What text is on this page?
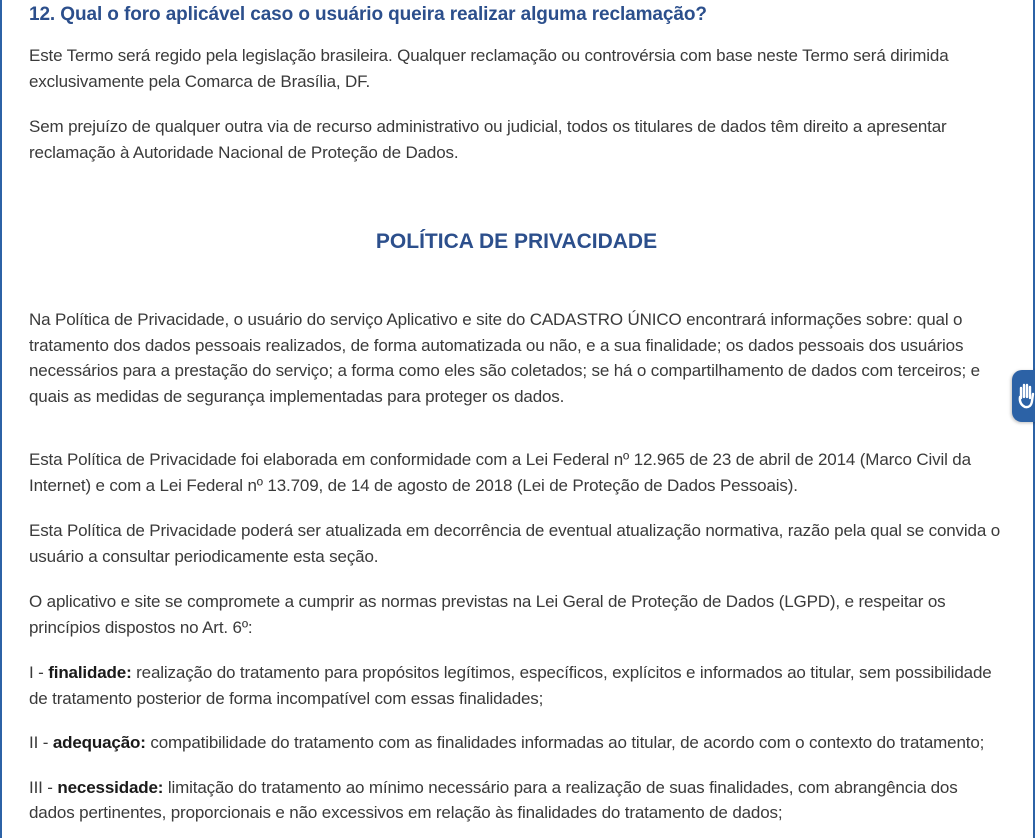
12. Qual o foro aplicável caso o usuário queira realizar alguma reclamação?

Este Termo será regido pela legislação brasileira. Qualquer reclamação ou controvérsia com base neste Termo será dirimida exclusivamente pela Comarca de Brasília, DF.

Sem prejuízo de qualquer outra via de recurso administrativo ou judicial, todos os titulares de dados têm direito a apresentar reclamação à Autoridade Nacional de Proteção de Dados.

POLÍTICA DE PRIVACIDADE

Na Política de Privacidade, o usuário do serviço Aplicativo e site do CADASTRO ÚNICO encontrará informações sobre: qual o tratamento dos dados pessoais realizados, de forma automatizada ou não, e a sua finalidade; os dados pessoais dos usuários necessários para a prestação do serviço; a forma como eles são coletados; se há o compartilhamento de dados com terceiros; e quais as medidas de segurança implementadas para proteger os dados.

Esta Política de Privacidade foi elaborada em conformidade com a Lei Federal nº 12.965 de 23 de abril de 2014 (Marco Civil da Internet) e com a Lei Federal nº 13.709, de 14 de agosto de 2018 (Lei de Proteção de Dados Pessoais).

Esta Política de Privacidade poderá ser atualizada em decorrência de eventual atualização normativa, razão pela qual se convida o usuário a consultar periodicamente esta seção.

O aplicativo e site se compromete a cumprir as normas previstas na Lei Geral de Proteção de Dados (LGPD), e respeitar os princípios dispostos no Art. 6º:

I - finalidade: realização do tratamento para propósitos legítimos, específicos, explícitos e informados ao titular, sem possibilidade de tratamento posterior de forma incompatível com essas finalidades;

II - adequação: compatibilidade do tratamento com as finalidades informadas ao titular, de acordo com o contexto do tratamento;

III - necessidade: limitação do tratamento ao mínimo necessário para a realização de suas finalidades, com abrangência dos dados pertinentes, proporcionais e não excessivos em relação às finalidades do tratamento de dados;
